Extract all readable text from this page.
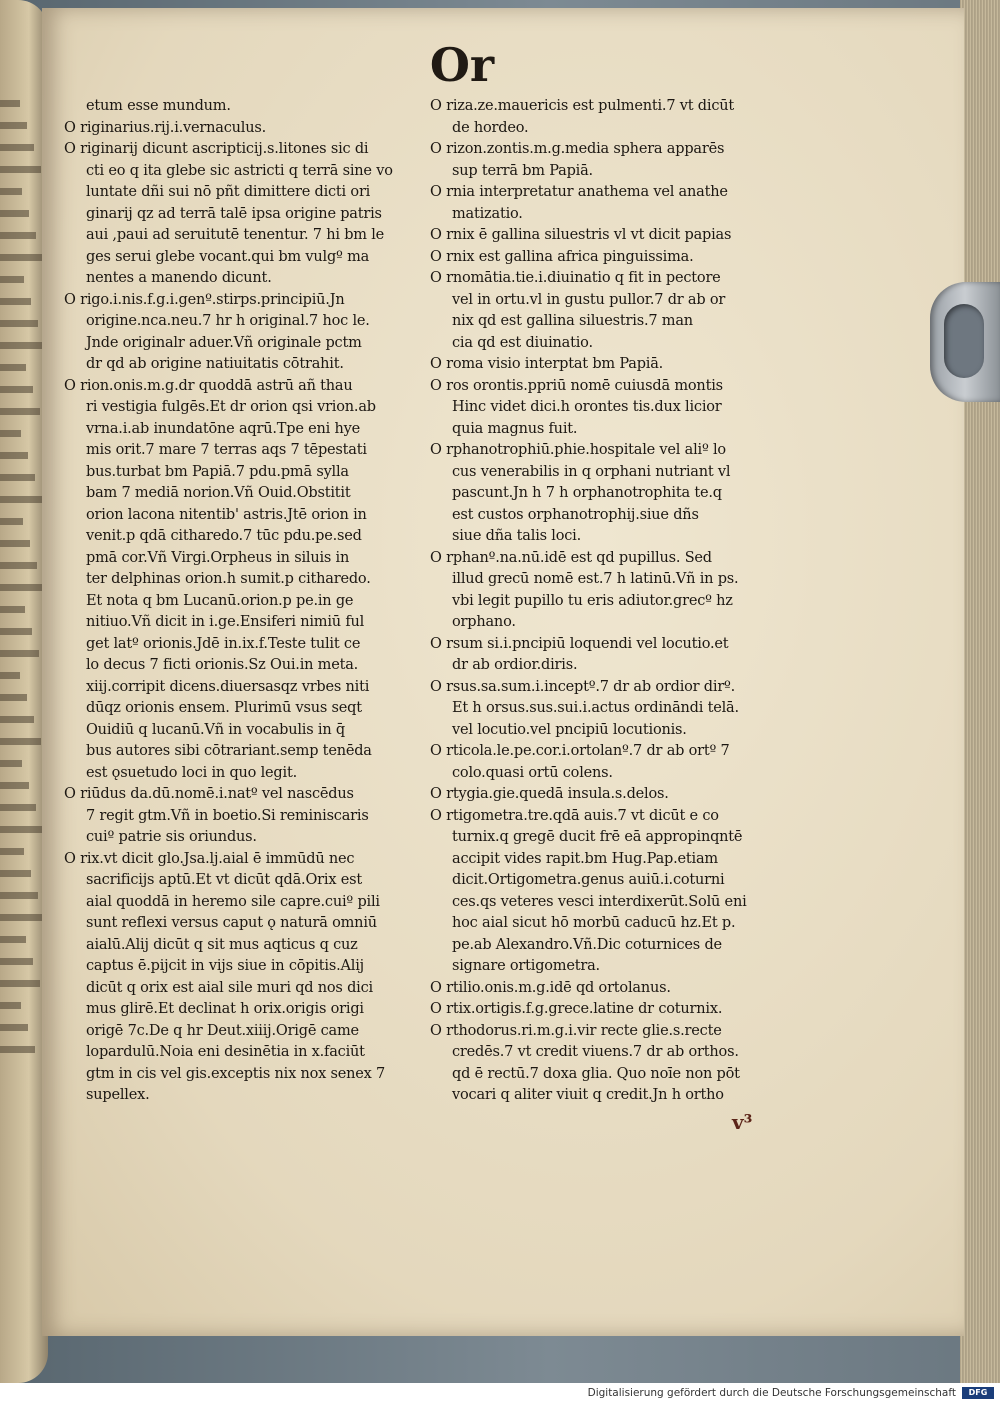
Or
etum esse mundum.
O riginarius.rij.i.vernaculus.
O riginarij dicunt ascripticij.s.litones sic di
cti eo q ita glebe sic astricti q terrā sine vo
luntate dñi sui nō pñt dimittere dicti ori
ginarij qz ad terrā talē ipsa origine patris
aui ,paui ad seruitutē tenentur. 7 hi bm le
ges serui glebe vocant.qui bm vulgº ma
nentes a manendo dicunt.
O rigo.i.nis.f.g.i.genº.stirps.principiū.Jn
origine.nca.neu.7 hr h original.7 hoc le.
Jnde originalr aduer.Vñ originale pctm
dr qd ab origine natiuitatis cōtrahit.
O rion.onis.m.g.dr quoddā astrū añ thau
ri vestigia fulgēs.Et dr orion qsi vrion.ab
vrna.i.ab inundatōne aqrū.Tpe eni hye
mis orit.7 mare 7 terras aqs 7 tēpestati
bus.turbat bm Papiā.7 pdu.pmā sylla
bam 7 mediā norion.Vñ Ouid.Obstitit
orion lacona nitentib' astris.Jtē orion in
venit.p qdā citharedo.7 tūc pdu.pe.sed
pmā cor.Vñ Virgi.Orpheus in siluis in
ter delphinas orion.h sumit.p citharedo.
Et nota q bm Lucanū.orion.p pe.in ge
nitiuo.Vñ dicit in i.ge.Ensiferi nimiū ful
get latº orionis.Jdē in.ix.f.Teste tulit ce
lo decus 7 ficti orionis.Sz Oui.in meta.
xiij.corripit dicens.diuersasqz vrbes niti
dūqz orionis ensem. Plurimū vsus seqt
Ouidiū q lucanū.Vñ in vocabulis in q̄
bus autores sibi cōtrariant.semp tenēda
est ǫsuetudo loci in quo legit.
O riūdus da.dū.nomē.i.natº vel nascēdus
7 regit gtm.Vñ in boetio.Si reminiscaris
cuiº patrie sis oriundus.
O rix.vt dicit glo.Jsa.lj.aial ē immūdū nec
sacrificijs aptū.Et vt dicūt qdā.Orix est
aial quoddā in heremo sile capre.cuiº pili
sunt reflexi versus caput ǫ naturā omniū
aialū.Alij dicūt q sit mus aqticus q cuz
captus ē.pijcit in vijs siue in cōpitis.Alij
dicūt q orix est aial sile muri qd nos dici
mus glirē.Et declinat h orix.origis origi
origē 7c.De q hr Deut.xiiij.Origē came
lopardulū.Noia eni desinētia in x.faciūt
gtm in cis vel gis.exceptis nix nox senex 7
supellex.
O riza.ze.mauericis est pulmenti.7 vt dicūt
de hordeo.
O rizon.zontis.m.g.media sphera apparēs
sup terrā bm Papiā.
O rnia interpretatur anathema vel anathe
matizatio.
O rnix ē gallina siluestris vl vt dicit papias
O rnix est gallina africa pinguissima.
O rnomātia.tie.i.diuinatio q fit in pectore
vel in ortu.vl in gustu pullor.7 dr ab or
nix qd est gallina siluestris.7 man
cia qd est diuinatio.
O roma visio interptat bm Papiā.
O ros orontis.ppriū nomē cuiusdā montis
Hinc videt dici.h orontes tis.dux licior
quia magnus fuit.
O rphanotrophiū.phie.hospitale vel aliº lo
cus venerabilis in q orphani nutriant vl
pascunt.Jn h 7 h orphanotrophita te.q
est custos orphanotrophij.siue dñs
siue dña talis loci.
O rphanº.na.nū.idē est qd pupillus. Sed
illud grecū nomē est.7 h latinū.Vñ in ps.
vbi legit pupillo tu eris adiutor.grecº hz
orphano.
O rsum si.i.pncipiū loquendi vel locutio.et
dr ab ordior.diris.
O rsus.sa.sum.i.inceptº.7 dr ab ordior dirº.
Et h orsus.sus.sui.i.actus ordināndi telā.
vel locutio.vel pncipiū locutionis.
O rticola.le.pe.cor.i.ortolanº.7 dr ab ortº 7
colo.quasi ortū colens.
O rtygia.gie.quedā insula.s.delos.
O rtigometra.tre.qdā auis.7 vt dicūt e co
turnix.q gregē ducit frē eā appropinqntē
accipit vides rapit.bm Hug.Pap.etiam
dicit.Ortigometra.genus auiū.i.coturni
ces.qs veteres vesci interdixerūt.Solū eni
hoc aial sicut hō morbū caducū hz.Et p.
pe.ab Alexandro.Vñ.Dic coturnices de
signare ortigometra.
O rtilio.onis.m.g.idē qd ortolanus.
O rtix.ortigis.f.g.grece.latine dr coturnix.
O rthodorus.ri.m.g.i.vir recte glie.s.recte
credēs.7 vt credit viuens.7 dr ab orthos.
qd ē rectū.7 doxa glia. Quo noīe non pōt
vocari q aliter viuit q credit.Jn h ortho
v³
Digitalisierung gefördert durch die Deutsche Forschungsgemeinschaft	DFG
